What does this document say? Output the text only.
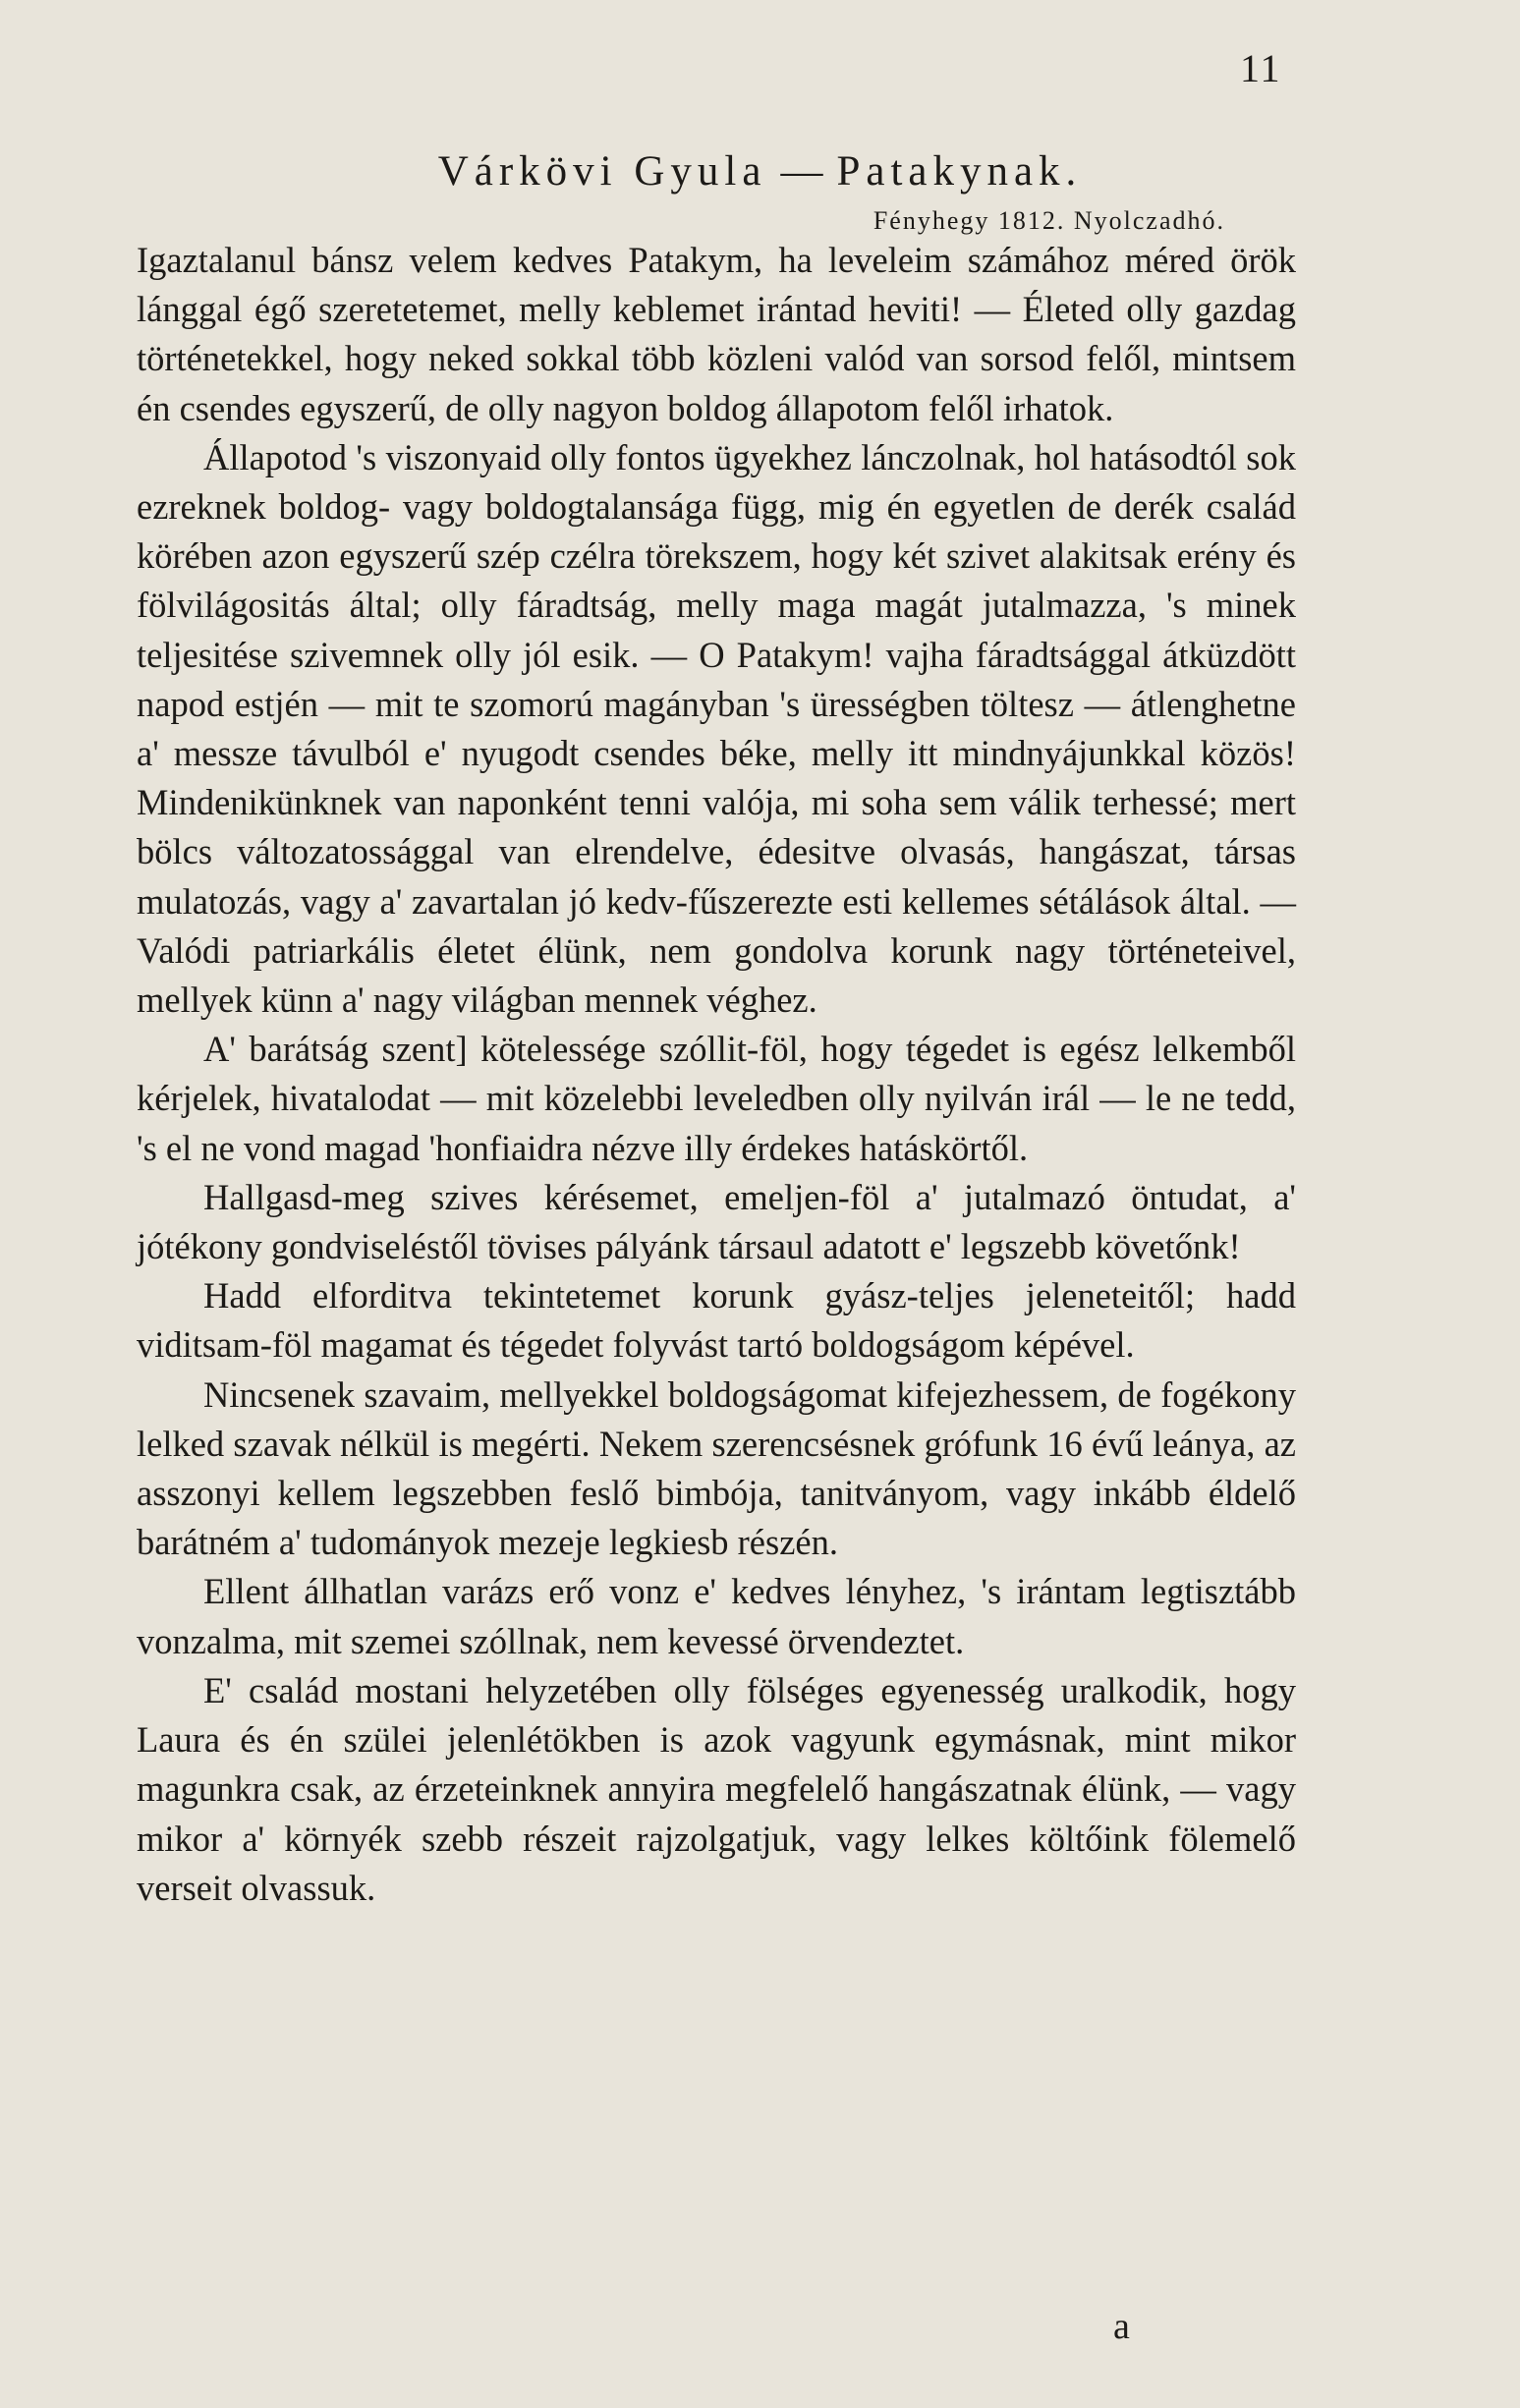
11
Várkövi Gyula — Patakynak.
Fényhegy 1812. Nyolczadhó.

Igaztalanul bánsz velem kedves Patakym, ha leveleim számához méred örök lánggal égő szeretetemet, melly keblemet irántad heviti! — Életed olly gazdag történetekkel, hogy neked sokkal több közleni valód van sorsod felől, mintsem én csendes egyszerű, de olly nagyon boldog állapotom felől irhatok.

Állapotod 's viszonyaid olly fontos ügyekhez lánczolnak, hol hatásodtól sok ezreknek boldog- vagy boldogtalansága függ, mig én egyetlen de derék család körében azon egyszerű szép czélra törekszem, hogy két szivet alakitsak erény és fölvilágositás által; olly fáradtság, melly maga magát jutalmazza, 's minek teljesitése szivemnek olly jól esik. — O Patakym! vajha fáradtsággal átküzdött napod estjén — mit te szomorú magányban 's ürességben töltesz — átlenghetne a' messze távulból e' nyugodt csendes béke, melly itt mindnyájunkkal közös! Mindenikünknek van naponként tenni valója, mi soha sem válik terhessé; mert bölcs változatossággal van elrendelve, édesitve olvasás, hangászat, társas mulatozás, vagy a' zavartalan jó kedv-fűszerezte esti kellemes sétálások által. — Valódi patriarkális életet élünk, nem gondolva korunk nagy történeteivel, mellyek künn a' nagy világban mennek véghez.

A' barátság szent] kötelessége szóllit-föl, hogy tégedet is egész lelkemből kérjelek, hivatalodat — mit közelebbi leveledben olly nyilván irál — le ne tedd, 's el ne vond magad 'honfiaidra nézve illy érdekes hatáskörtől.

Hallgasd-meg szives kérésemet, emeljen-föl a' jutalmazó öntudat, a' jótékony gondviseléstől tövises pályánk társaul adatott e' legszebb követőnk!

Hadd elforditva tekintetemet korunk gyász-teljes jeleneteitől; hadd viditsam-föl magamat és tégedet folyvást tartó boldogságom képével.

Nincsenek szavaim, mellyekkel boldogságomat kifejezhessem, de fogékony lelked szavak nélkül is megérti. Nekem szerencsésnek grófunk 16 évű leánya, az asszonyi kellem legszebben feslő bimbója, tanitványom, vagy inkább éldelő barátném a' tudományok mezeje legkiesb részén.

Ellent állhatlan varázs erő vonz e' kedves lényhez, 's irántam legtisztább vonzalma, mit szemei szóllnak, nem kevessé örvendeztet.

E' család mostani helyzetében olly fölséges egyenesség uralkodik, hogy Laura és én szülei jelenlétökben is azok vagyunk egymásnak, mint mikor magunkra csak, az érzeteinknek annyira megfelelő hangászatnak élünk, — vagy mikor a' környék szebb részeit rajzolgatjuk, vagy lelkes költőink fölemelő verseit olvassuk.

a
